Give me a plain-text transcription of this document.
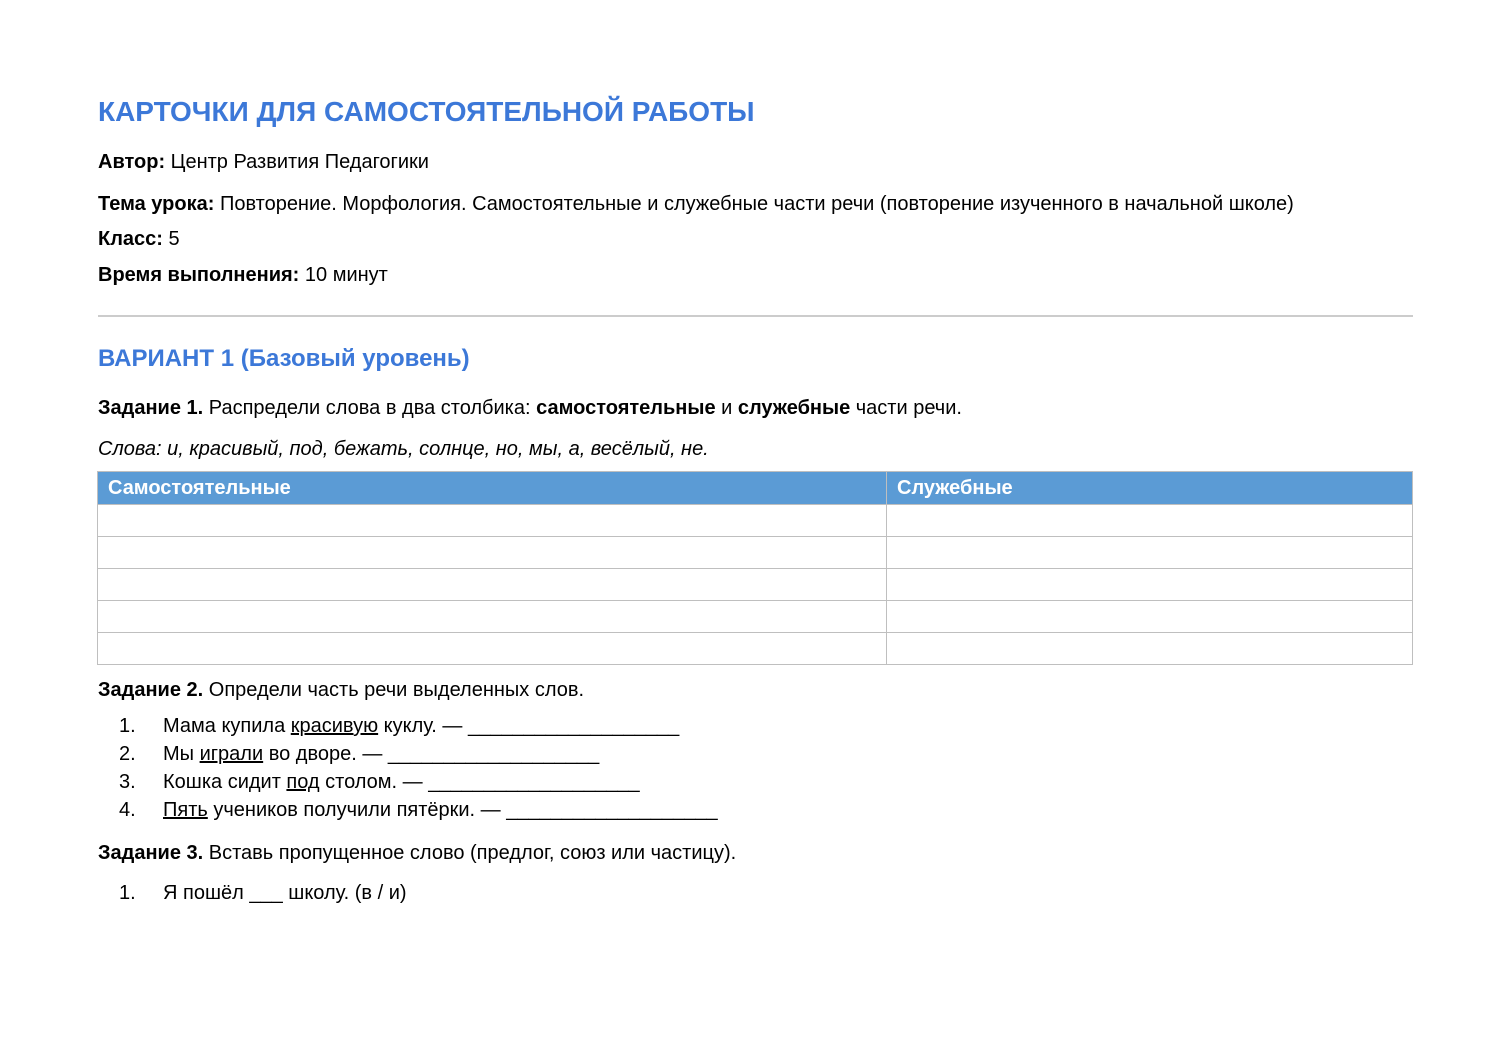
КАРТОЧКИ ДЛЯ САМОСТОЯТЕЛЬНОЙ РАБОТЫ

Автор: Центр Развития Педагогики

Тема урока: Повторение. Морфология. Самостоятельные и служебные части речи (повторение изученного в начальной школе)

Класс: 5

Время выполнения: 10 минут

ВАРИАНТ 1 (Базовый уровень)

Задание 1. Распредели слова в два столбика: самостоятельные и служебные части речи.

Слова: и, красивый, под, бежать, солнце, но, мы, а, весёлый, не.

Самостоятельные	Служебные

Задание 2. Определи часть речи выделенных слов.

1. Мама купила красивую куклу. — ___________________
2. Мы играли во дворе. — ___________________
3. Кошка сидит под столом. — ___________________
4. Пять учеников получили пятёрки. — ___________________

Задание 3. Вставь пропущенное слово (предлог, союз или частицу).

1. Я пошёл ___ школу. (в / и)
